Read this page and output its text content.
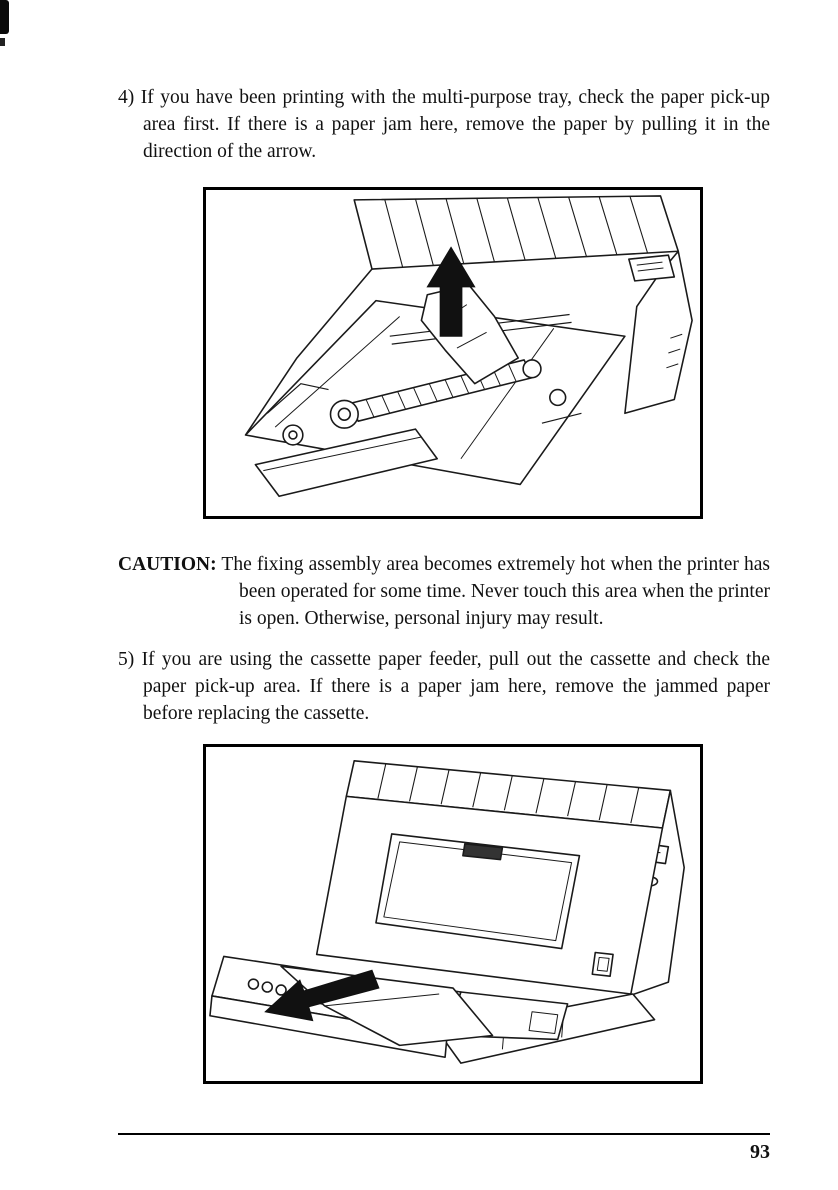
4) If you have been printing with the multi-purpose tray, check the paper pick-up area first. If there is a paper jam here, remove the paper by pulling it in the direction of the arrow.

CAUTION: The fixing assembly area becomes extremely hot when the printer has been operated for some time. Never touch this area when the printer is open. Otherwise, personal injury may result.

5) If you are using the cassette paper feeder, pull out the cassette and check the paper pick-up area. If there is a paper jam here, remove the jammed paper before replacing the cassette.

93
